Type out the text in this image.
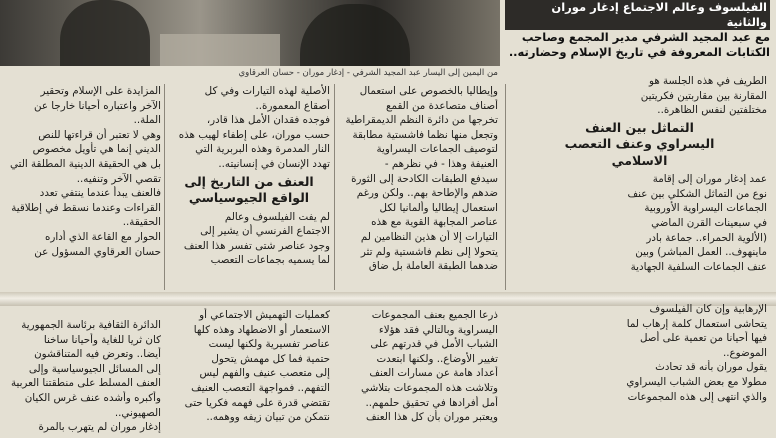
من اليمين إلى اليسار عبد المجيد الشرفي - إدغار موران - حسان العرقاوي
الفيلسوف وعالم الاجتماع إدغار موران والثانية
مع عبد المجيد الشرفي مدير المجمع وصاحب
الكتابات المعروفة في تاريخ الإسلام وحضارته..

الطريف في هذه الجلسة هو

المقارنة بين مقاربتين فكريتين

مختلفتين لنفس الظاهرة..

التماثل بين العنف
اليسراوي وعنف التعصب
الاسلامي

عمد إدغار موران إلى إقامة

نوع من التماثل الشكلي بين عنف

الجماعات اليسراوية الأوروبية

في سبعينات القرن الماضي

(الألوية الحمراء.. جماعة بادر

ماينهوف.. العمل المباشر) وبين

عنف الجماعات السلفية الجهادية

وإيطاليا بالخصوص على استعمال

أصناف متصاعدة من القمع

تخرجها من دائرة النظم الديمقراطية

وتجعل منها نظما فاشستية مطابقة

لتوصيف الجماعات اليسراوية

العنيفة وهذا - في نظرهم -

سيدفع الطبقات الكادحة إلى الثورة

ضدهم والإطاحة بهم.. ولكن ورغم

استعمال إيطاليا وألمانيا لكل

عناصر المجابهة القوية مع هذه

التيارات إلا أن هذين النظامين لم

يتحولا إلى نظم فاشستية ولم تثر

ضدهما الطبقة العاملة بل ضاق

الأصلية لهذه التيارات وفي كل

أصقاع المعمورة..

فوجده فقدان الأمل هذا قادر،

حسب موران، على إطفاء لهيب هذه

النار المدمرة وهذه البربرية التي

تهدد الإنسان في إنسانيته..

العنف من التاريخ إلى
الواقع الجيوسياسي

لم يفت الفيلسوف وعالم

الاجتماع الفرنسي أن يشير إلى

وجود عناصر شتى تفسر هذا العنف

لما يسميه بجماعات التعصب

المزايدة على الإسلام وتحقير

الآخر واعتباره أحيانا خارجا عن

الملة..

وهي لا تعتبر أن قراءتها للنص

الديني إنما هي تأويل مخصوص

بل هي الحقيقة الدينية المطلقة التي

تقصي الآخر وتنفيه..

فالعنف يبدأ عندما ينتفي تعدد

القراءات وعندما نسقط في إطلاقية

الحقيقة..

الحوار مع القاعة الذي أداره

حسان العرقاوي المسؤول عن

الإرهابية وإن كان الفيلسوف

يتحاشى استعمال كلمة إرهاب لما

فيها أحيانا من تعمية على أصل

الموضوع..

يقول موران بأنه قد تحادث

مطولا مع بعض الشباب اليسراوي

والذي انتهى إلى هذه المجموعات

ذرعا الجميع بعنف المجموعات

اليسراوية وبالتالي فقد هؤلاء

الشباب الأمل في قدرتهم على

تغيير الأوضاع.. ولكنها ابتعدت

أعداد هامة عن مسارات العنف

وتلاشت هذه المجموعات بتلاشي

أمل أفرادها في تحقيق حلمهم..

ويعتبر موران بأن كل هذا العنف

كعمليات التهميش الاجتماعي أو

الاستعمار أو الاضطهاد وهذه كلها

عناصر تفسيرية ولكنها ليست

حتمية فما كل مهمش يتحول

إلى متعصب عنيف والفهم ليس

التفهم.. فمواجهة التعصب العنيف

تقتضي قدرة على فهمه فكريا حتى

نتمكن من تبيان زيفه ووهمه..

الدائرة الثقافية برئاسة الجمهورية

كان ثريا للغاية وأحيانا ساخنا

أيضا.. وتعرض فيه المتناقشون

إلى المسائل الجيوسياسية وإلى

العنف المسلط على منطقتنا العربية

وأكبره وأشده عنف غرس الكيان

الصهيوني..

إدغار موران لم يتهرب بالمرة
